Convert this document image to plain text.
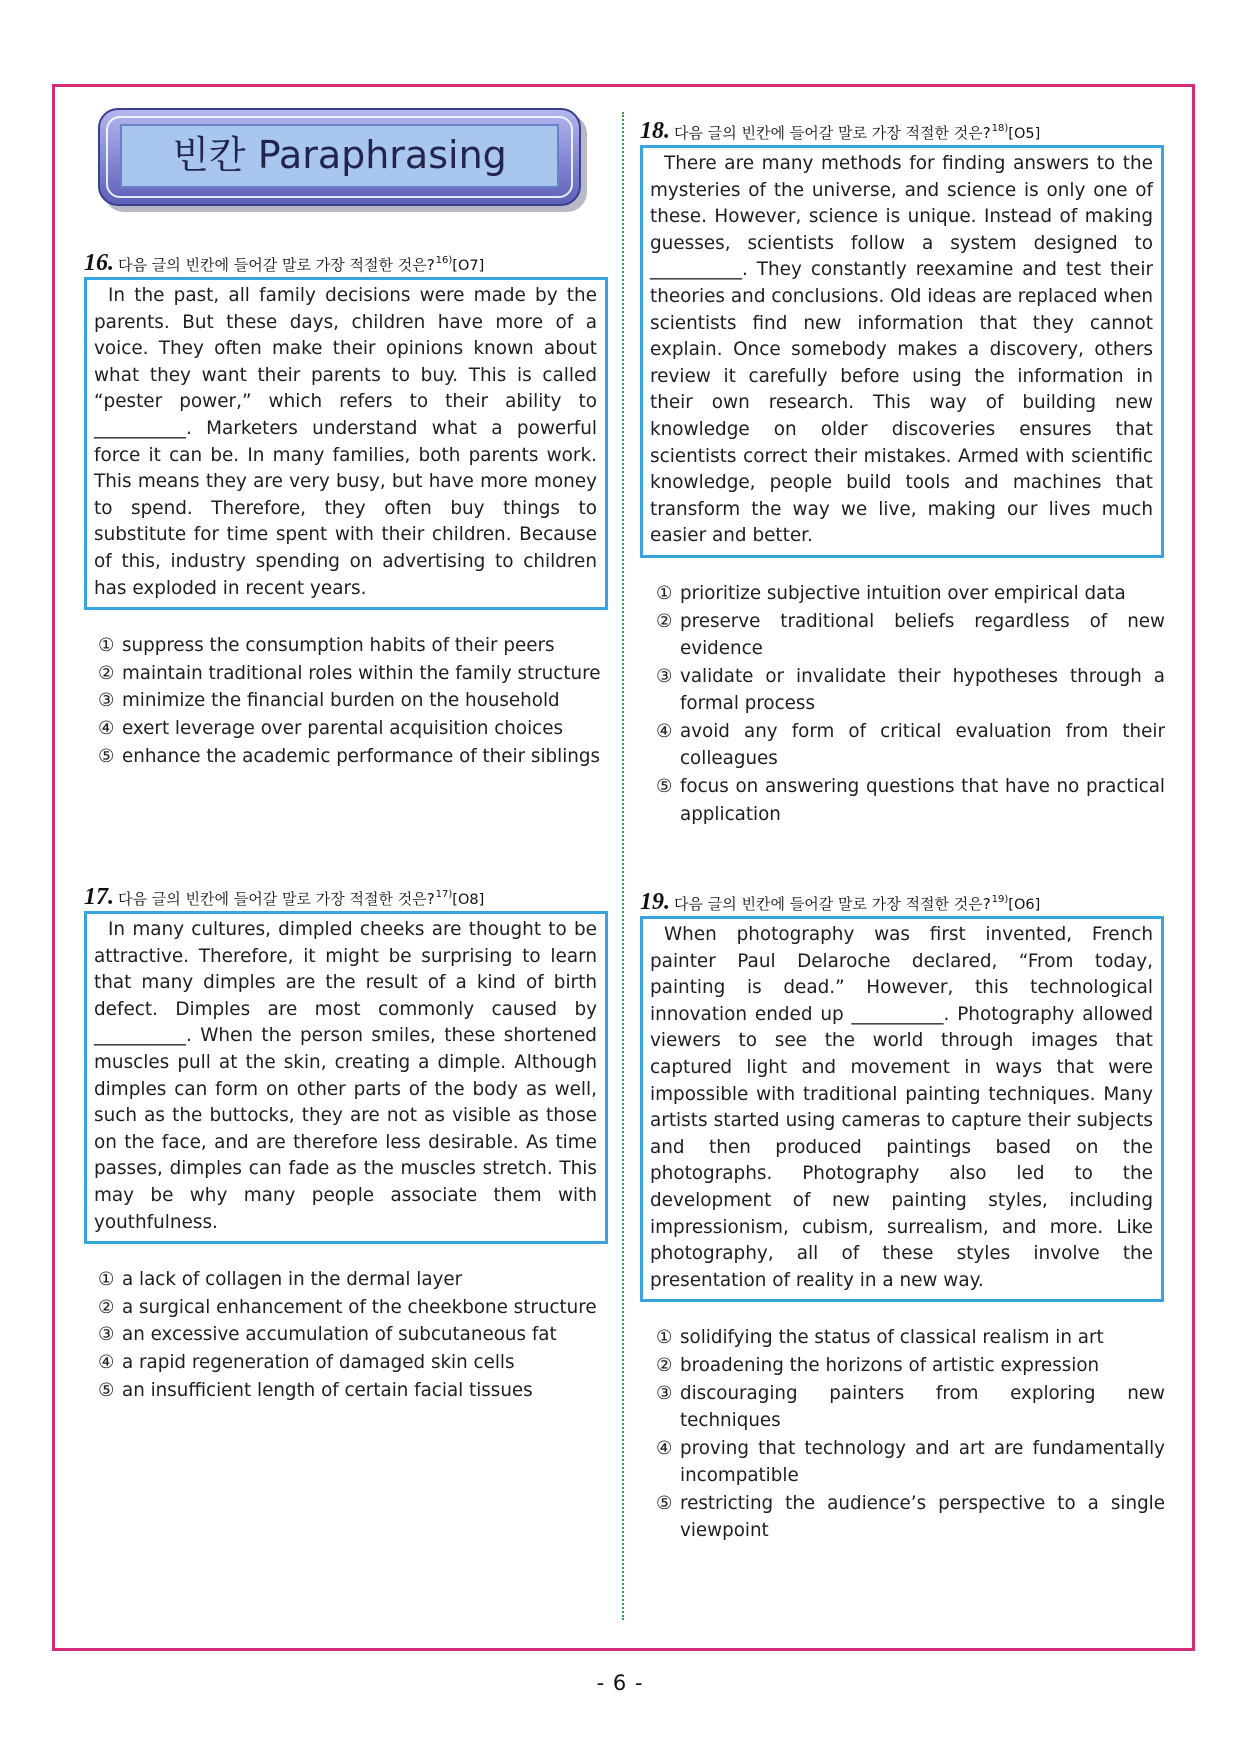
빈칸 Paraphrasing
16. 다음 글의 빈칸에 들어갈 말로 가장 적절한 것은?$^{16)}$[O7]
In the past, all family decisions were made by the parents. But these days, children have more of a voice. They often make their opinions known about what they want their parents to buy. This is called “pester power,” which refers to their ability to __________. Marketers understand what a powerful force it can be. In many families, both parents work. This means they are very busy, but have more money to spend. Therefore, they often buy things to substitute for time spent with their children. Because of this, industry spending on advertising to children has exploded in recent years.
① suppress the consumption habits of their peers
② maintain traditional roles within the family structure
③ minimize the financial burden on the household
④ exert leverage over parental acquisition choices
⑤ enhance the academic performance of their siblings
17. 다음 글의 빈칸에 들어갈 말로 가장 적절한 것은?$^{17)}$[O8]
In many cultures, dimpled cheeks are thought to be attractive. Therefore, it might be surprising to learn that many dimples are the result of a kind of birth defect. Dimples are most commonly caused by __________. When the person smiles, these shortened muscles pull at the skin, creating a dimple. Although dimples can form on other parts of the body as well, such as the buttocks, they are not as visible as those on the face, and are therefore less desirable. As time passes, dimples can fade as the muscles stretch. This may be why many people associate them with youthfulness.
① a lack of collagen in the dermal layer
② a surgical enhancement of the cheekbone structure
③ an excessive accumulation of subcutaneous fat
④ a rapid regeneration of damaged skin cells
⑤ an insufficient length of certain facial tissues
18. 다음 글의 빈칸에 들어갈 말로 가장 적절한 것은?$^{18)}$[O5]
There are many methods for finding answers to the mysteries of the universe, and science is only one of these. However, science is unique. Instead of making guesses, scientists follow a system designed to __________. They constantly reexamine and test their theories and conclusions. Old ideas are replaced when scientists find new information that they cannot explain. Once somebody makes a discovery, others review it carefully before using the information in their own research. This way of building new knowledge on older discoveries ensures that scientists correct their mistakes. Armed with scientific knowledge, people build tools and machines that transform the way we live, making our lives much easier and better.
① prioritize subjective intuition over empirical data
② preserve traditional beliefs regardless of new evidence
③ validate or invalidate their hypotheses through a formal process
④ avoid any form of critical evaluation from their colleagues
⑤ focus on answering questions that have no practical application
19. 다음 글의 빈칸에 들어갈 말로 가장 적절한 것은?$^{19)}$[O6]
When photography was first invented, French painter Paul Delaroche declared, “From today, painting is dead.” However, this technological innovation ended up __________. Photography allowed viewers to see the world through images that captured light and movement in ways that were impossible with traditional painting techniques. Many artists started using cameras to capture their subjects and then produced paintings based on the photographs. Photography also led to the development of new painting styles, including impressionism, cubism, surrealism, and more. Like photography, all of these styles involve the presentation of reality in a new way.
① solidifying the status of classical realism in art
② broadening the horizons of artistic expression
③ discouraging painters from exploring new techniques
④ proving that technology and art are fundamentally incompatible
⑤ restricting the audience’s perspective to a single viewpoint
- 6 -
